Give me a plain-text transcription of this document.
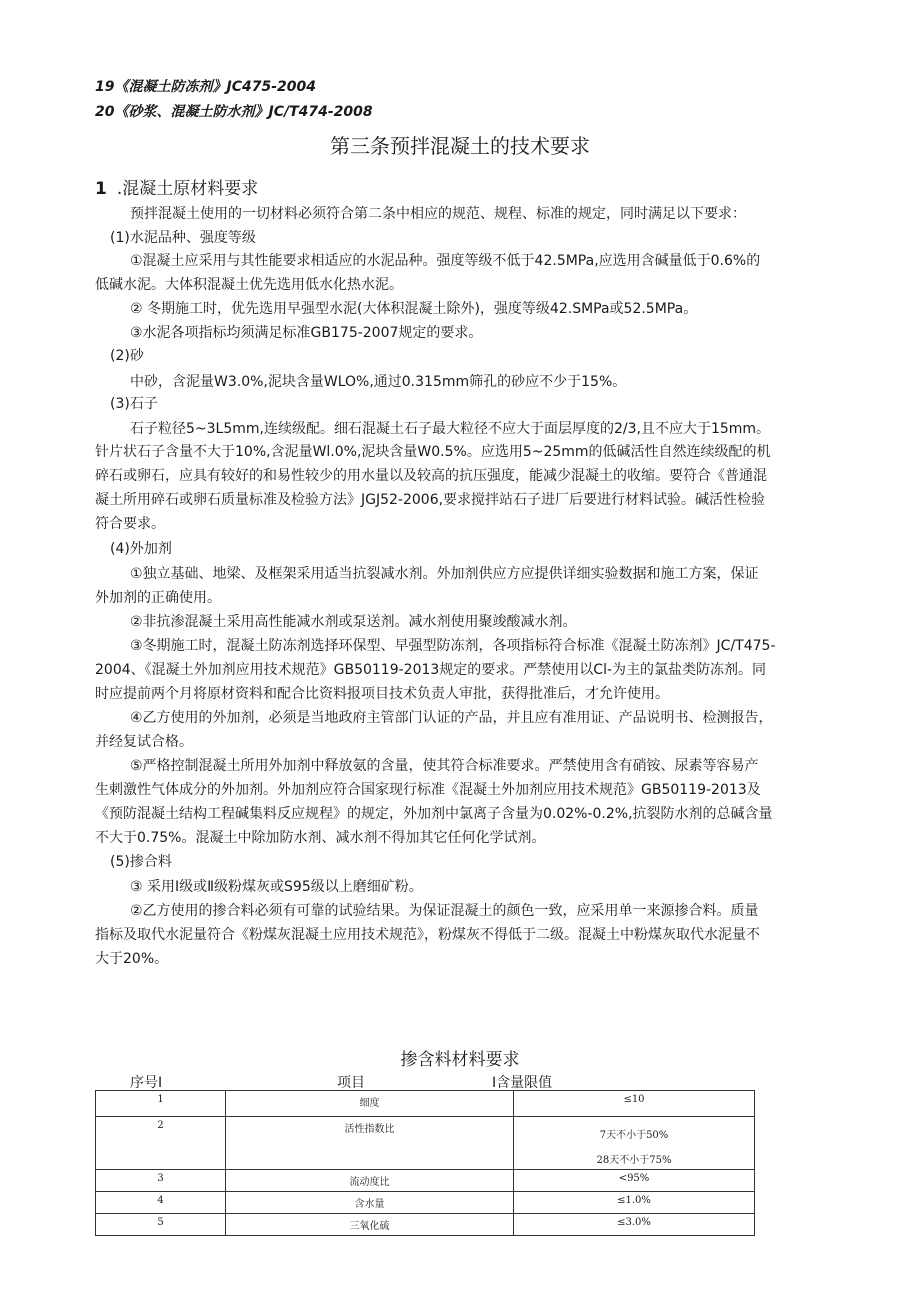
19《混凝土防冻剂》JC475-2004
20《砂浆、混凝土防水剂》JC/T474-2008
第三条预拌混凝土的技术要求
1 .混凝土原材料要求
预拌混凝土使用的一切材料必须符合第二条中相应的规范、规程、标准的规定，同时满足以下要求：
(1)水泥品种、强度等级
①混凝土应采用与其性能要求相适应的水泥品种。强度等级不低于42.5MPa,应选用含碱量低于0.6%的
低碱水泥。大体积混凝土优先选用低水化热水泥。
② 冬期施工时，优先选用早强型水泥(大体积混凝土除外)，强度等级42.SMPa或52.5MPa。
③水泥各项指标均须满足标准GB175-2007规定的要求。
(2)砂
中砂，含泥量W3.0%,泥块含量WLO%,通过0.315mm筛孔的砂应不少于15%。
(3)石子
石子粒径5~3L5mm,连续级配。细石混凝土石子最大粒径不应大于面层厚度的2/3,且不应大于15mm。
针片状石子含量不大于10%,含泥量Wl.0%,泥块含量W0.5%。应选用5~25mm的低碱活性自然连续级配的机
碎石或卵石，应具有较好的和易性较少的用水量以及较高的抗压强度，能减少混凝土的收缩。要符合《普通混
凝土所用碎石或卵石质量标准及检验方法》JGJ52-2006,要求搅拌站石子进厂后要进行材料试验。碱活性检验
符合要求。
(4)外加剂
①独立基础、地梁、及框架采用适当抗裂减水剂。外加剂供应方应提供详细实验数据和施工方案，保证
外加剂的正确使用。
②非抗渗混凝土采用高性能减水剂或泵送剂。减水剂使用聚竣酸减水剂。
③冬期施工时，混凝土防冻剂选择环保型、早强型防冻剂，各项指标符合标准《混凝土防冻剂》JC/T475-
2004、《混凝土外加剂应用技术规范》GB50119-2013规定的要求。严禁使用以Cl-为主的氯盐类防冻剂。同
时应提前两个月将原材资料和配合比资料报项目技术负责人审批，获得批准后，才允许使用。
④乙方使用的外加剂，必须是当地政府主管部门认证的产品，并且应有准用证、产品说明书、检测报告，
并经复试合格。
⑤严格控制混凝土所用外加剂中释放氨的含量，使其符合标准要求。严禁使用含有硝铵、尿素等容易产
生刺激性气体成分的外加剂。外加剂应符合国家现行标准《混凝土外加剂应用技术规范》GB50119-2013及
《预防混凝土结构工程碱集料反应规程》的规定，外加剂中氯离子含量为0.02%-0.2%,抗裂防水剂的总碱含量
不大于0.75%。混凝土中除加防水剂、减水剂不得加其它任何化学试剂。
(5)掺合料
③ 采用Ⅰ级或Ⅱ级粉煤灰或S95级以上磨细矿粉。
②乙方使用的掺合料必须有可靠的试验结果。为保证混凝土的颜色一致，应采用单一来源掺合料。质量
指标及取代水泥量符合《粉煤灰混凝土应用技术规范》，粉煤灰不得低于二级。混凝土中粉煤灰取代水泥量不
大于20%。
掺含料材料要求
序号Ⅰ	项目	Ⅰ含量限值
1	细度	≤10
2	活性指数比	7天不小于50%
28天不小于75%

3	流动度比	<95%
4	含水量	≤1.0%
5	三氧化硫	≤3.0%
